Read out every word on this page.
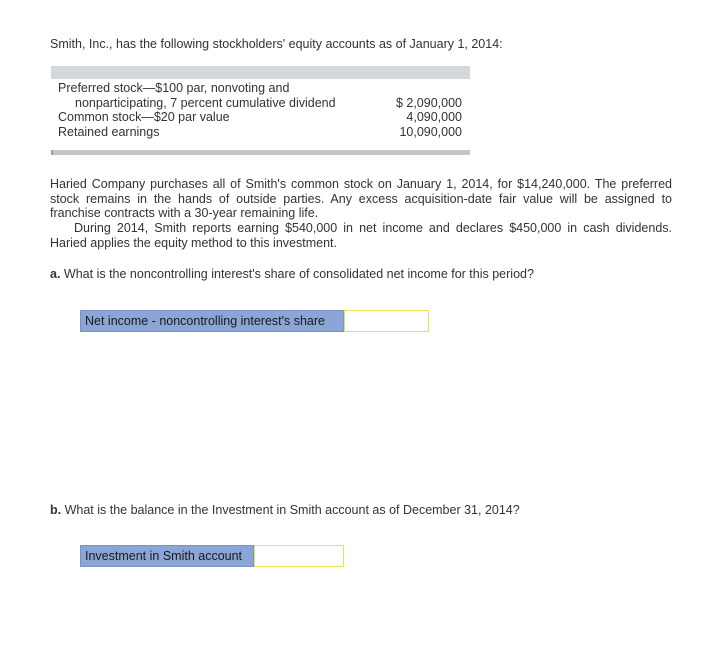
Smith, Inc., has the following stockholders' equity accounts as of January 1, 2014:
Preferred stock—$100 par, nonvoting and
nonparticipating, 7 percent cumulative dividend	$ 2,090,000
Common stock—$20 par value	4,090,000
Retained earnings	10,090,000
Haried Company purchases all of Smith's common stock on January 1, 2014, for $14,240,000. The preferred stock remains in the hands of outside parties. Any excess acquisition-date fair value will be assigned to franchise contracts with a 30-year remaining life.
During 2014, Smith reports earning $540,000 in net income and declares $450,000 in cash dividends. Haried applies the equity method to this investment.
a. What is the noncontrolling interest's share of consolidated net income for this period?
Net income - noncontrolling interest's share
b. What is the balance in the Investment in Smith account as of December 31, 2014?
Investment in Smith account
